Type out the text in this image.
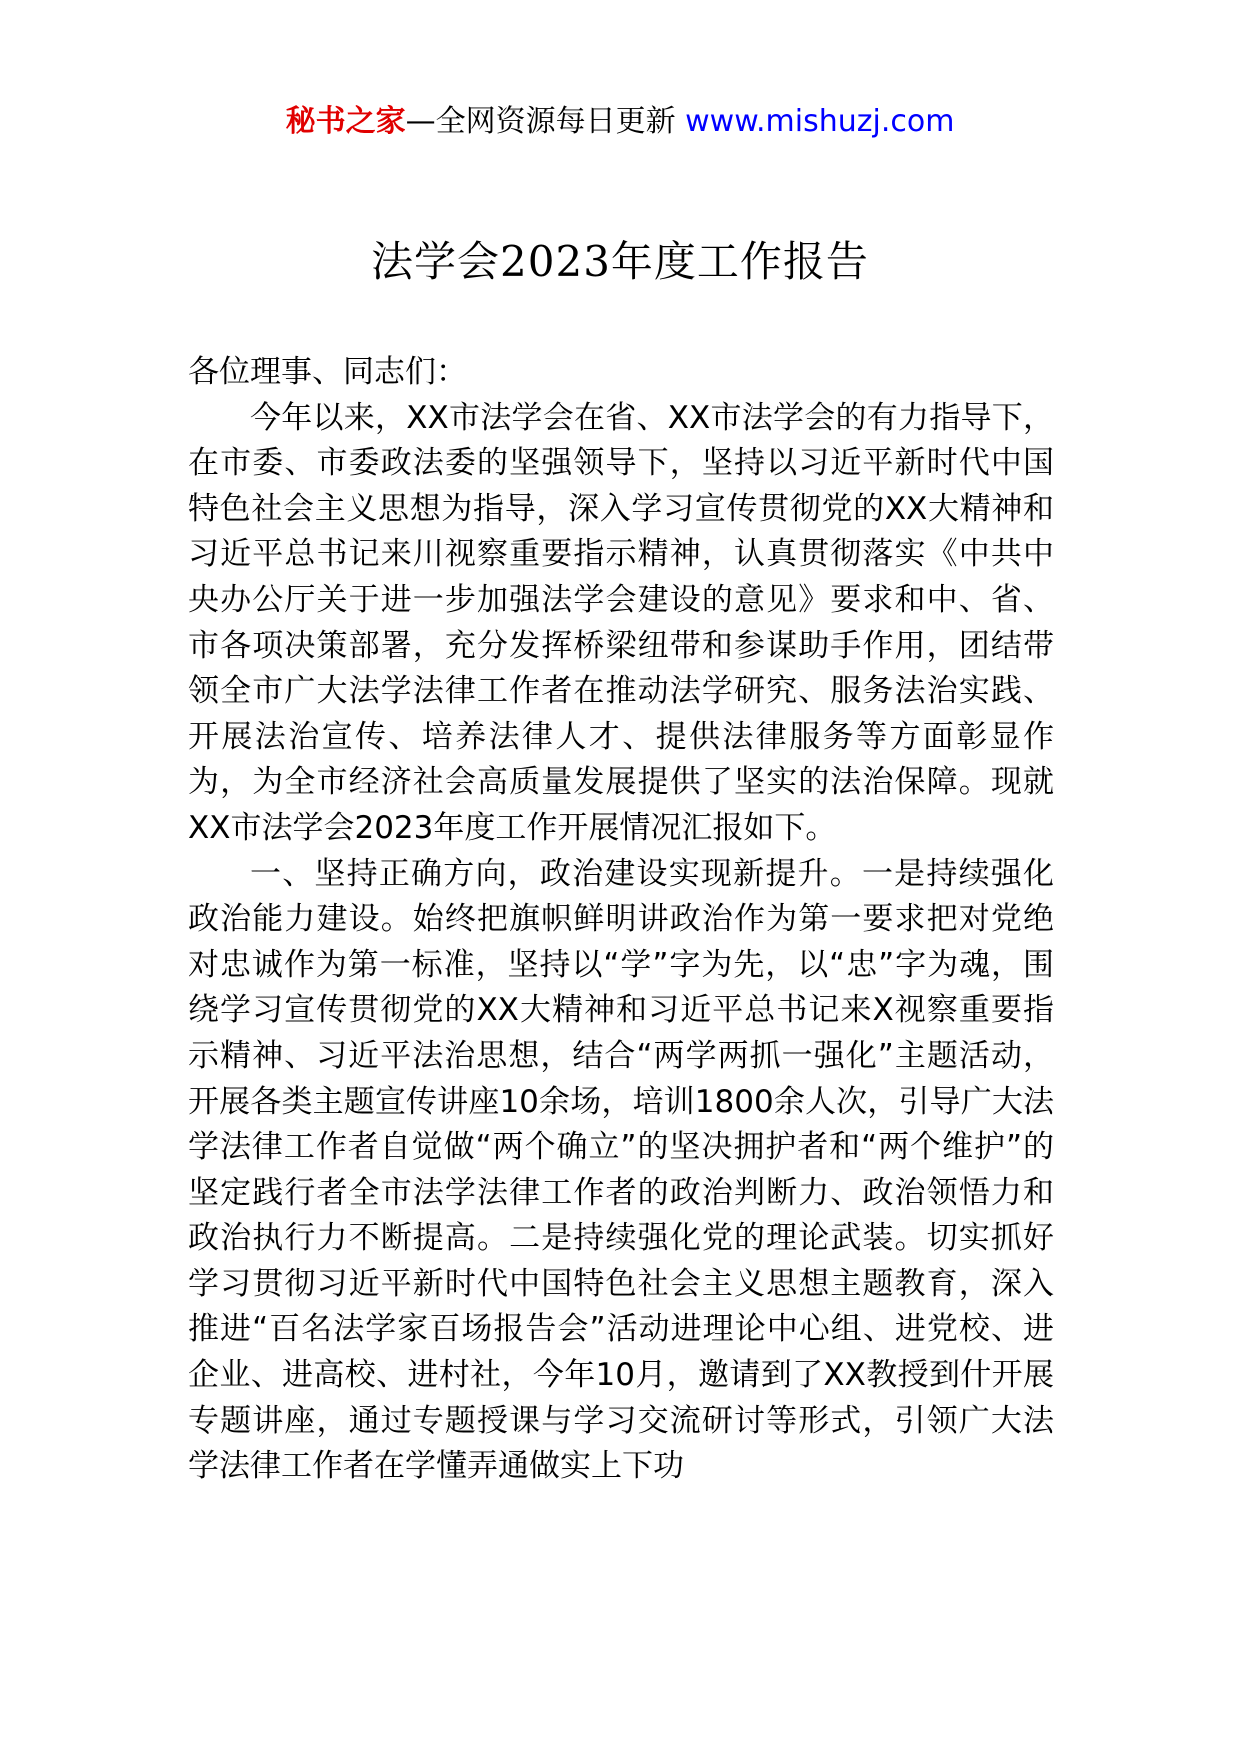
秘书之家—全网资源每日更新 www.mishuzj.com
法学会2023年度工作报告

各位理事、同志们：

今年以来，XX市法学会在省、XX市法学会的有力指导下，在市委、市委政法委的坚强领导下，坚持以习近平新时代中国特色社会主义思想为指导，深入学习宣传贯彻党的XX大精神和习近平总书记来川视察重要指示精神，认真贯彻落实《中共中央办公厅关于进一步加强法学会建设的意见》要求和中、省、市各项决策部署，充分发挥桥梁纽带和参谋助手作用，团结带领全市广大法学法律工作者在推动法学研究、服务法治实践、开展法治宣传、培养法律人才、提供法律服务等方面彰显作为，为全市经济社会高质量发展提供了坚实的法治保障。现就XX市法学会2023年度工作开展情况汇报如下。

一、坚持正确方向，政治建设实现新提升。一是持续强化政治能力建设。始终把旗帜鲜明讲政治作为第一要求把对党绝对忠诚作为第一标准，坚持以“学”字为先，以“忠”字为魂，围绕学习宣传贯彻党的XX大精神和习近平总书记来X视察重要指示精神、习近平法治思想，结合“两学两抓一强化”主题活动，开展各类主题宣传讲座10余场，培训1800余人次，引导广大法学法律工作者自觉做“两个确立”的坚决拥护者和“两个维护”的坚定践行者全市法学法律工作者的政治判断力、政治领悟力和政治执行力不断提高。二是持续强化党的理论武装。切实抓好学习贯彻习近平新时代中国特色社会主义思想主题教育，深入推进“百名法学家百场报告会”活动进理论中心组、进党校、进企业、进高校、进村社，今年10月，邀请到了XX教授到什开展专题讲座，通过专题授课与学习交流研讨等形式，引领广大法学法律工作者在学懂弄通做实上下功
